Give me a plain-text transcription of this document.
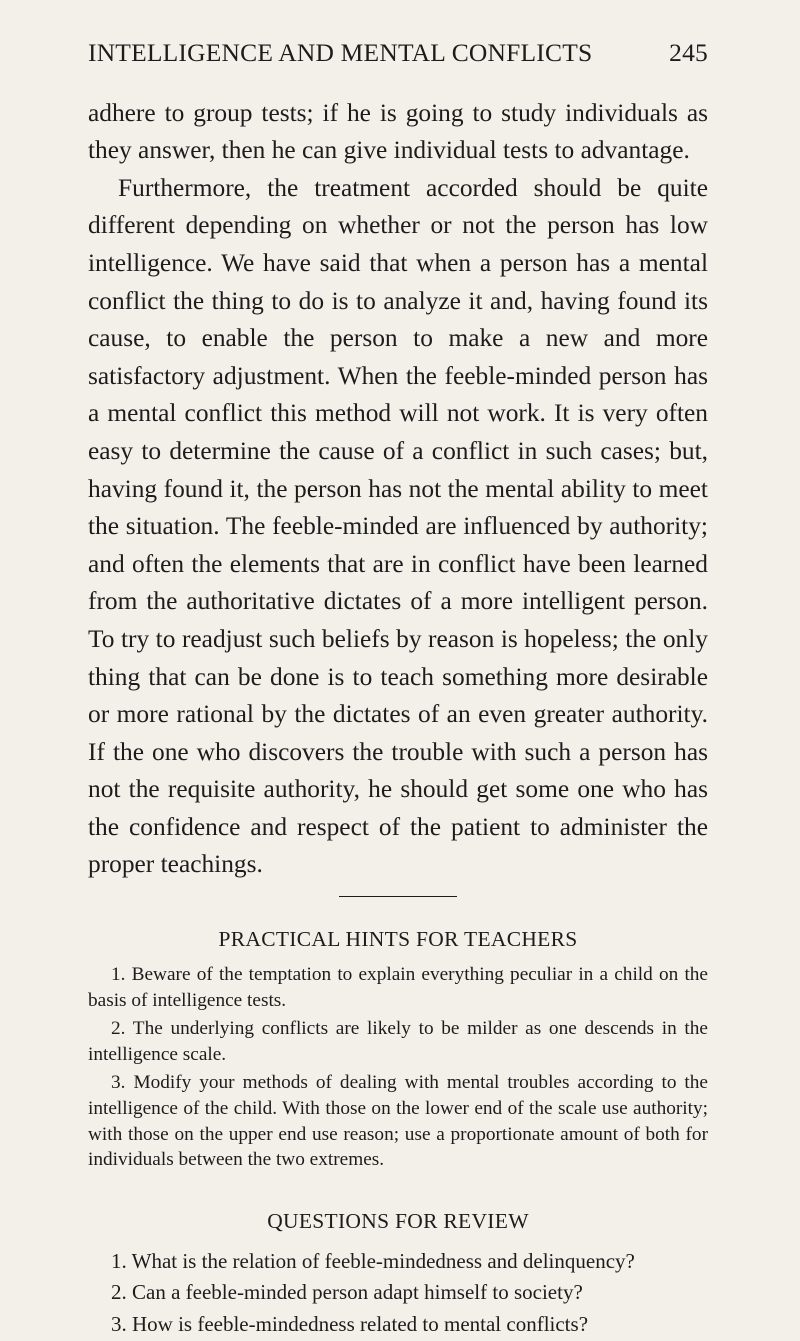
INTELLIGENCE AND MENTAL CONFLICTS	245

adhere to group tests; if he is going to study individuals as they answer, then he can give individual tests to advantage.

Furthermore, the treatment accorded should be quite different depending on whether or not the person has low intelligence. We have said that when a person has a mental conflict the thing to do is to analyze it and, having found its cause, to enable the person to make a new and more satisfactory adjustment. When the feeble-minded person has a mental conflict this method will not work. It is very often easy to determine the cause of a conflict in such cases; but, having found it, the person has not the mental ability to meet the situation. The feeble-minded are influenced by authority; and often the elements that are in conflict have been learned from the authoritative dictates of a more intelligent person. To try to readjust such beliefs by reason is hopeless; the only thing that can be done is to teach something more desirable or more rational by the dictates of an even greater authority. If the one who discovers the trouble with such a person has not the requisite authority, he should get some one who has the confidence and respect of the patient to administer the proper teachings.

PRACTICAL HINTS FOR TEACHERS

1. Beware of the temptation to explain everything peculiar in a child on the basis of intelligence tests.

2. The underlying conflicts are likely to be milder as one descends in the intelligence scale.

3. Modify your methods of dealing with mental troubles according to the intelligence of the child. With those on the lower end of the scale use authority; with those on the upper end use reason; use a proportionate amount of both for individuals between the two extremes.

QUESTIONS FOR REVIEW

1. What is the relation of feeble-mindedness and delinquency?

2. Can a feeble-minded person adapt himself to society?

3. How is feeble-mindedness related to mental conflicts?
